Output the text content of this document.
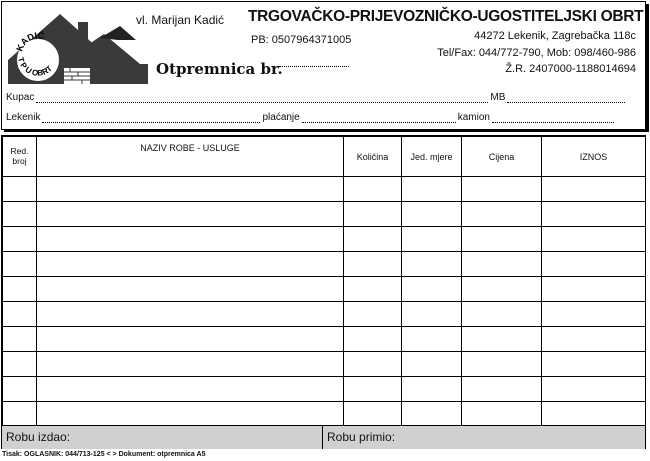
KADIĆ
T P U OBRT
vl. Marijan Kadić
PB: 0507964371005
Otpremnica br.
TRGOVAČKO-PRIJEVOZNIČKO-UGOSTITELJSKI OBRT
44272 Lekenik, Zagrebačka 118c
Tel/Fax: 044/772-790, Mob: 098/460-986
Ž.R. 2407000-1188014694
Kupac	MB
Lekenik	plaćanje	kamion
Red.
broj	NAZIV ROBE - USLUGE	Količina	Jed. mjere	Cijena	IZNOS

Robu izdao:	Robu primio:
Tisak: OGLASNIK: 044/713-125 < > Dokument: otpremnica A5
